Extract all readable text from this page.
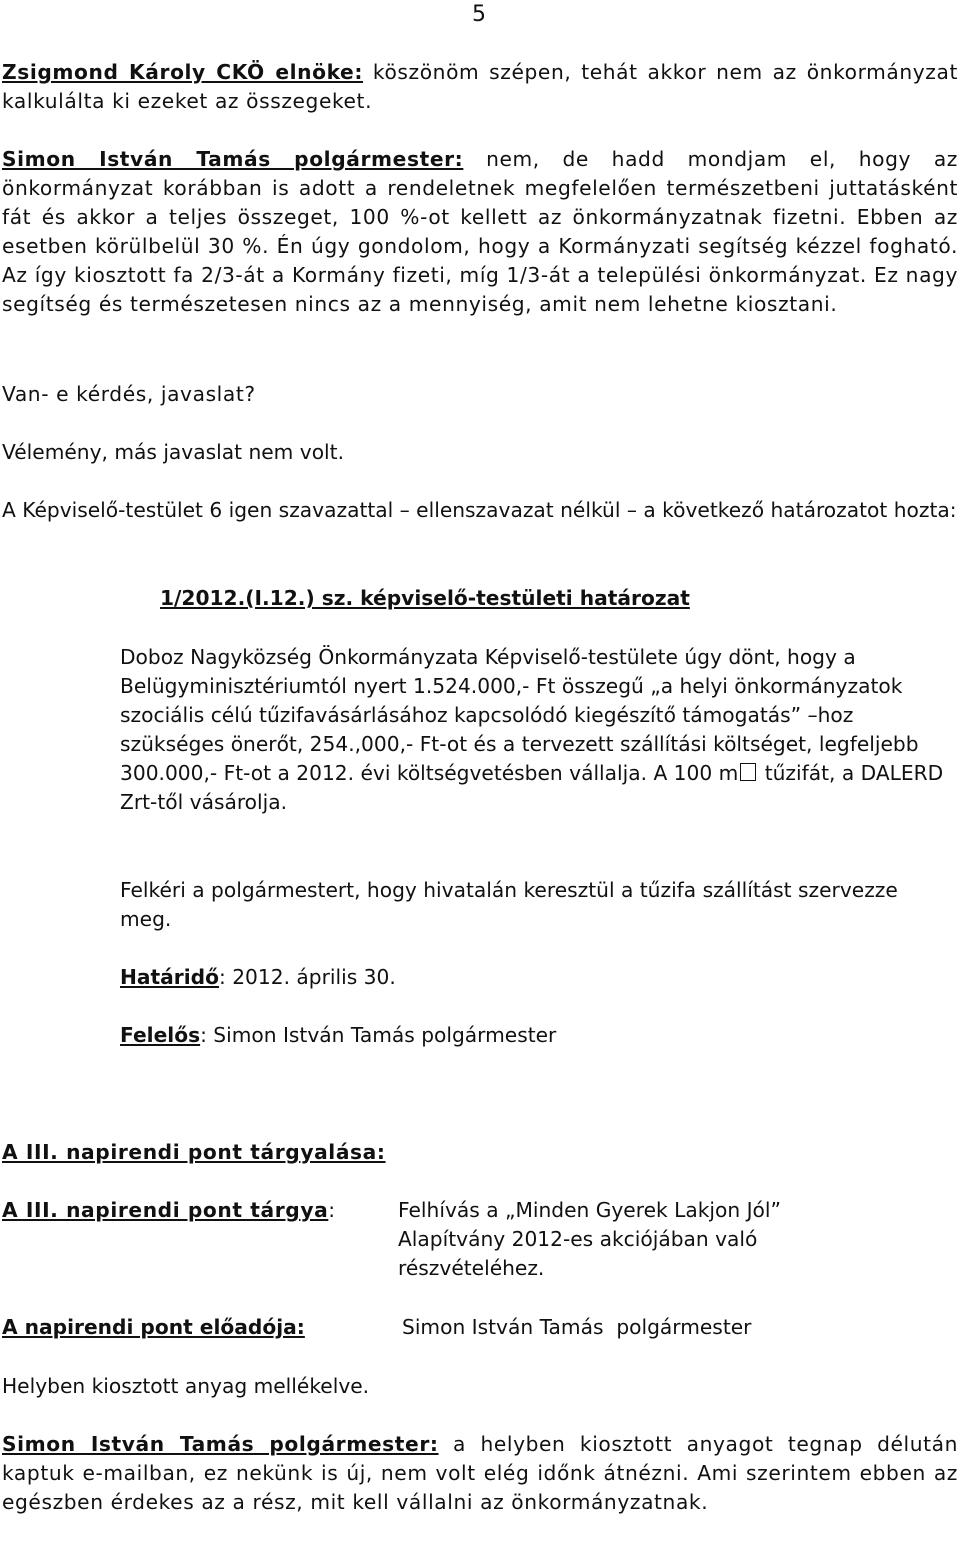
5

Zsigmond Károly CKÖ elnöke: köszönöm szépen, tehát akkor nem az önkormányzat kalkulálta ki ezeket az összegeket.

Simon István Tamás polgármester: nem, de hadd mondjam el, hogy az önkormányzat korábban is adott a rendeletnek megfelelően természetbeni juttatásként fát és akkor a teljes összeget, 100 %-ot kellett az önkormányzatnak fizetni. Ebben az esetben körülbelül 30 %. Én úgy gondolom, hogy a Kormányzati segítség kézzel fogható. Az így kiosztott fa 2/3-át a Kormány fizeti, míg 1/3-át a települési önkormányzat. Ez nagy segítség és természetesen nincs az a mennyiség, amit nem lehetne kiosztani.

Van- e kérdés, javaslat?

Vélemény, más javaslat nem volt.

A Képviselő-testület 6 igen szavazattal – ellenszavazat nélkül – a következő határozatot hozta:

1/2012.(I.12.) sz. képviselő-testületi határozat

Doboz Nagyközség Önkormányzata Képviselő-testülete úgy dönt, hogy a Belügyminisztériumtól nyert 1.524.000,- Ft összegű „a helyi önkormányzatok szociális célú tűzifavásárlásához kapcsolódó kiegészítő támogatás” –hoz szükséges önerőt, 254.,000,- Ft-ot és a tervezett szállítási költséget, legfeljebb 300.000,- Ft-ot a 2012. évi költségvetésben vállalja. A 100 m tűzifát, a DALERD Zrt-től vásárolja.

Felkéri a polgármestert, hogy hivatalán keresztül a tűzifa szállítást szervezze meg.

Határidő: 2012. április 30.

Felelős: Simon István Tamás polgármester

A III. napirendi pont tárgyalása:

A III. napirendi pont tárgya:	Felhívás a „Minden Gyerek Lakjon Jól”
Alapítvány 2012-es akciójában való
részvételéhez.
A napirendi pont előadója:	Simon István Tamás  polgármester

Helyben kiosztott anyag mellékelve.

Simon István Tamás polgármester: a helyben kiosztott anyagot tegnap délután kaptuk e-mailban, ez nekünk is új, nem volt elég időnk átnézni. Ami szerintem ebben az egészben érdekes az a rész, mit kell vállalni az önkormányzatnak.
